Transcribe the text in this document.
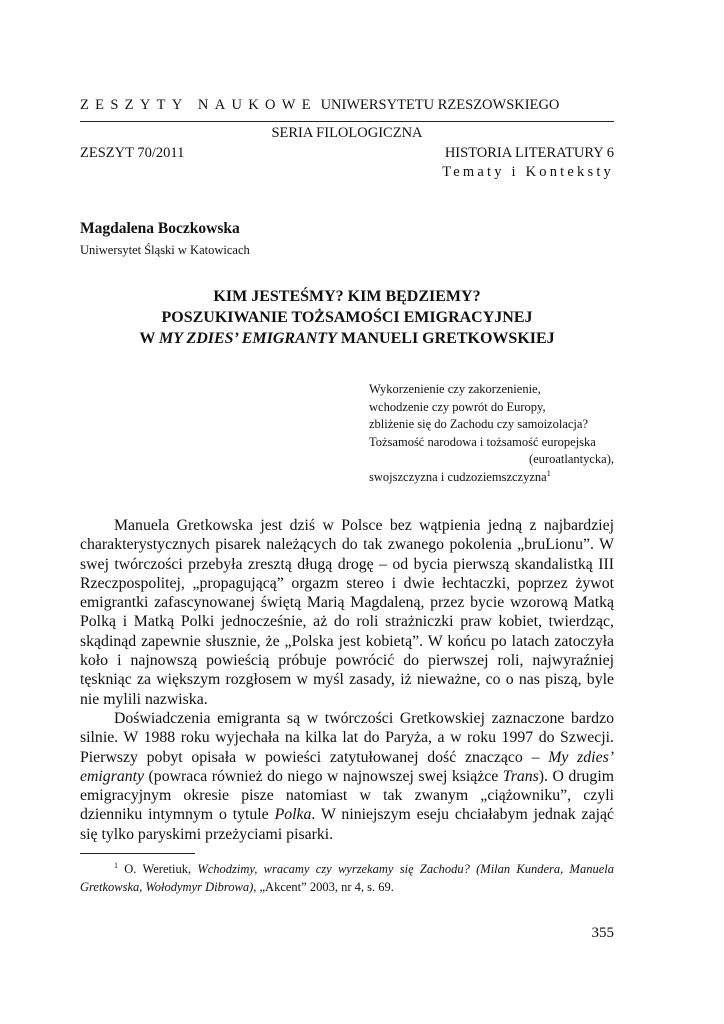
ZESZYTY NAUKOWE UNIWERSYTETU RZESZOWSKIEGO
SERIA FILOLOGICZNA
ZESZYT 70/2011	HISTORIA LITERATURY 6
Tematy i Konteksty
Magdalena Boczkowska
Uniwersytet Śląski w Katowicach
KIM JESTEŚMY? KIM BĘDZIEMY?
POSZUKIWANIE TOŻSAMOŚCI EMIGRACYJNEJ
W MY ZDIES’ EMIGRANTY MANUELI GRETKOWSKIEJ
Wykorzenienie czy zakorzenienie,
wchodzenie czy powrót do Europy,
zbliżenie się do Zachodu czy samoizolacja?
Tożsamość narodowa i tożsamość europejska
(euroatlantycka),
swojszczyzna i cudzoziemszczyzna$^1$

Manuela Gretkowska jest dziś w Polsce bez wątpienia jedną z najbardziej charakterystycznych pisarek należących do tak zwanego pokolenia „bruLionu”. W swej twórczości przebyła zresztą długą drogę – od bycia pierwszą skandalistką III Rzeczpospolitej, „propagującą” orgazm stereo i dwie łechtaczki, poprzez żywot emigrantki zafascynowanej świętą Marią Magdaleną, przez bycie wzorową Matką Polką i Matką Polki jednocześnie, aż do roli strażniczki praw kobiet, twierdząc, skądinąd zapewnie słusznie, że „Polska jest kobietą”. W końcu po latach zatoczyła koło i najnowszą powieścią próbuje powrócić do pierwszej roli, najwyraźniej tęskniąc za większym rozgłosem w myśl zasady, iż nieważne, co o nas piszą, byle nie mylili nazwiska.

Doświadczenia emigranta są w twórczości Gretkowskiej zaznaczone bardzo silnie. W 1988 roku wyjechała na kilka lat do Paryża, a w roku 1997 do Szwecji. Pierwszy pobyt opisała w powieści zatytułowanej dość znacząco – My zdies’ emigranty (powraca również do niego w najnowszej swej książce Trans). O drugim emigracyjnym okresie pisze natomiast w tak zwanym „ciążowniku”, czyli dzienniku intymnym o tytule Polka. W niniejszym eseju chciałabym jednak zająć się tylko paryskimi przeżyciami pisarki.

$^1$ O. Weretiuk, Wchodzimy, wracamy czy wyrzekamy się Zachodu? (Milan Kundera, Manuela Gretkowska, Wołodymyr Dibrowa), „Akcent” 2003, nr 4, s. 69.
355
